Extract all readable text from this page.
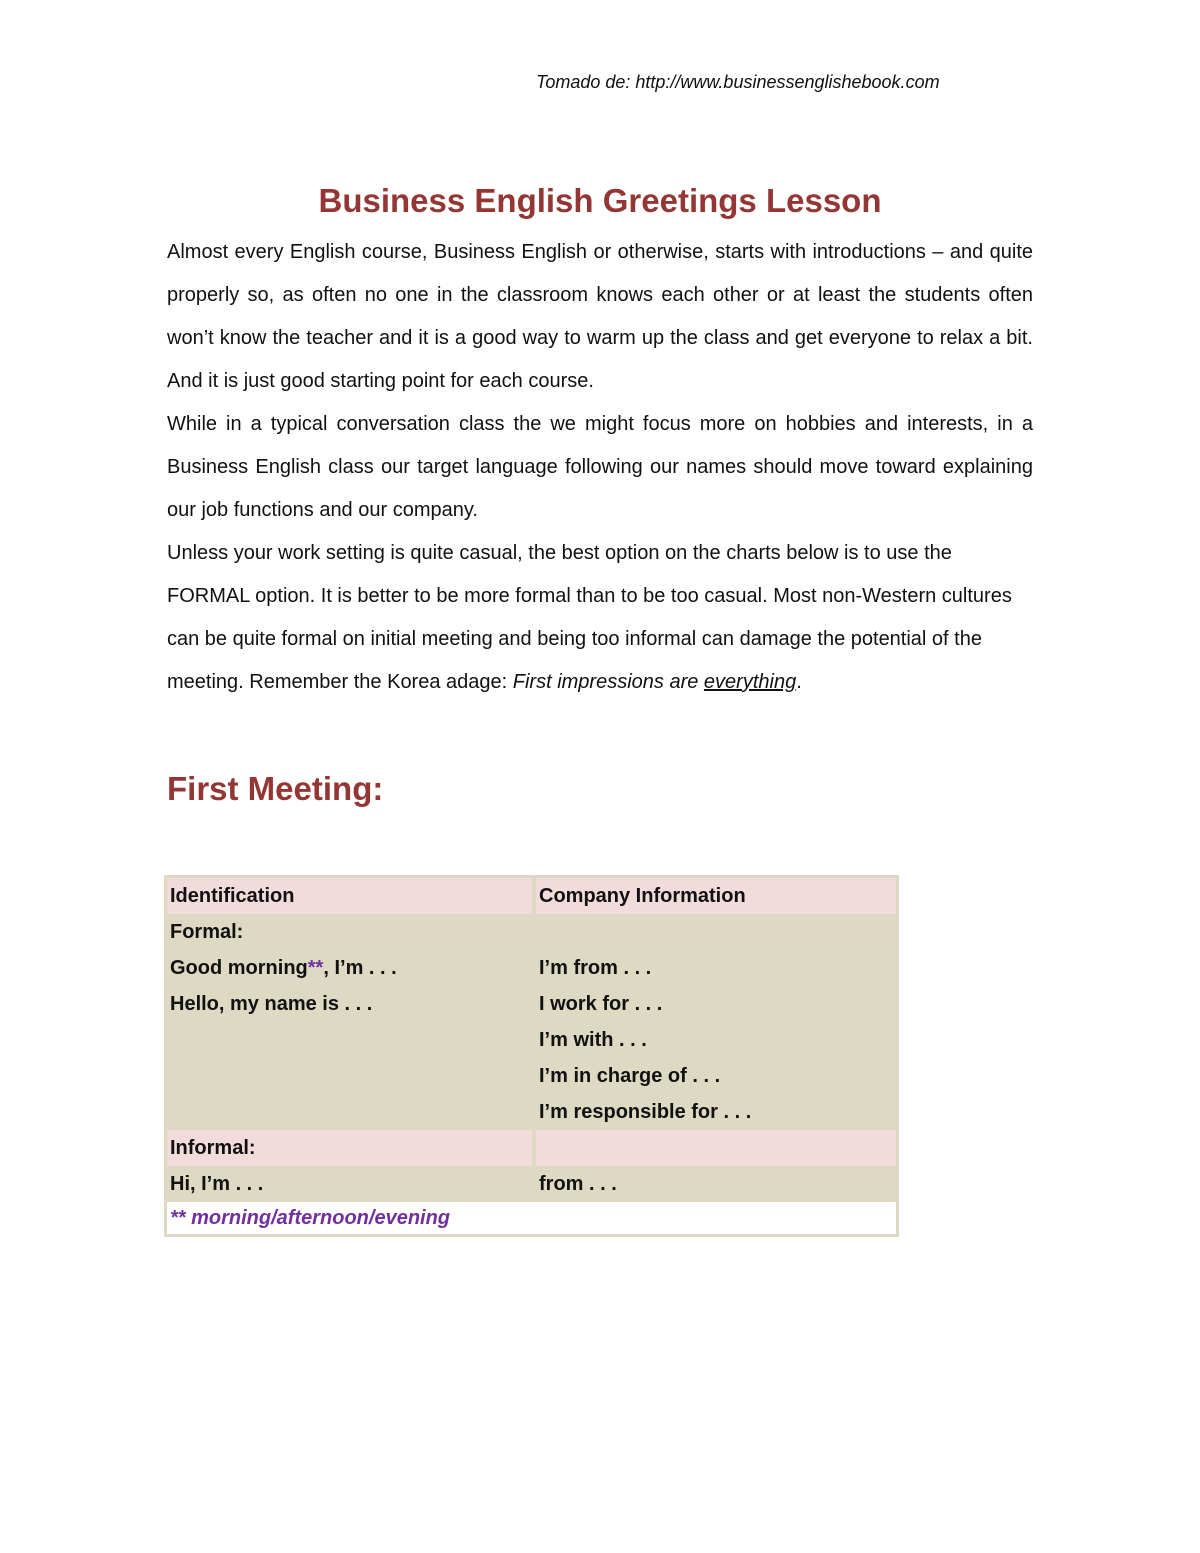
Tomado de: http://www.businessenglishebook.com
Business English Greetings Lesson

Almost every English course, Business English or otherwise, starts with introductions – and quite properly so, as often no one in the classroom knows each other or at least the students often won’t know the teacher and it is a good way to warm up the class and get everyone to relax a bit. And it is just good starting point for each course.

While in a typical conversation class the we might focus more on hobbies and interests, in a Business English class our target language following our names should move toward explaining our job functions and our company.

Unless your work setting is quite casual, the best option on the charts below is to use the FORMAL option. It is better to be more formal than to be too casual. Most non-Western cultures can be quite formal on initial meeting and being too informal can damage the potential of the meeting. Remember the Korea adage: First impressions are everything.

First Meeting:
Identification	Company Information
Formal:	
Good morning**, I’m . . .	I’m from . . .
Hello, my name is . . .	I work for . . .
	I’m with . . .
	I’m in charge of . . .
	I’m responsible for . . .
Informal:	
Hi, I’m . . .	from . . .
** morning/afternoon/evening	
